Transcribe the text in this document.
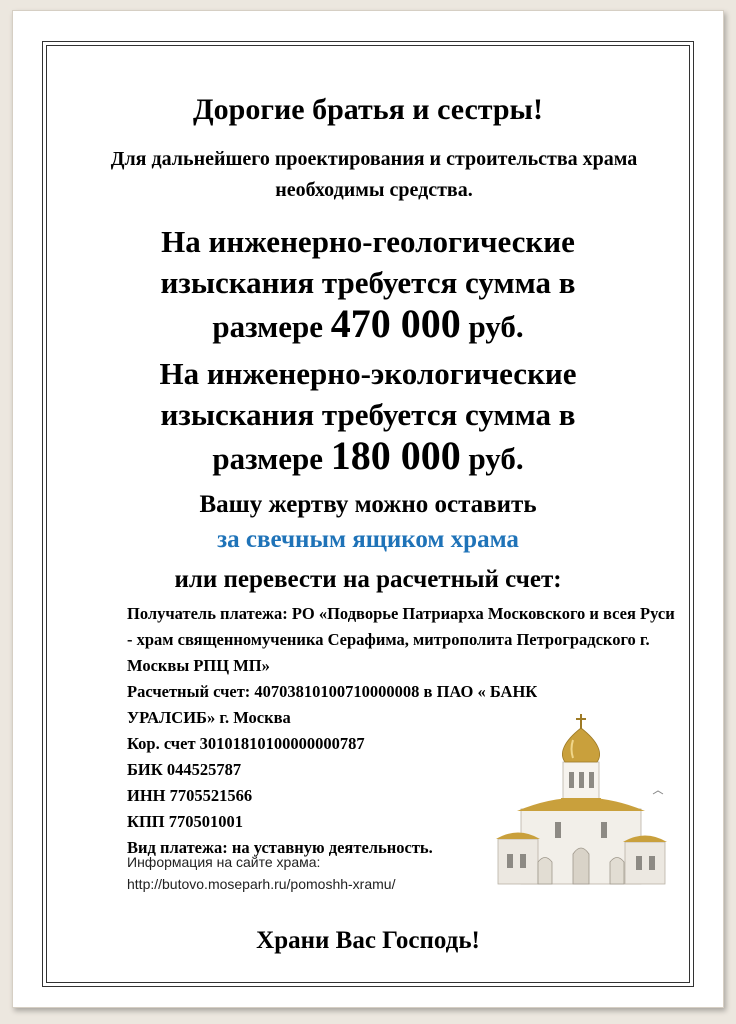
Дорогие братья и сестры!
Для дальнейшего проектирования и строительства храма необходимы средства.
На инженерно-геологические
изыскания требуется сумма в
размере 470 000 руб.
На инженерно-экологические
изыскания требуется сумма в
размере 180 000 руб.
Вашу жертву можно оставить
за свечным ящиком храма
или перевести на расчетный счет:
Получатель платежа: РО «Подворье Патриарха Московского и всея Руси - храм священномученика Серафима, митрополита Петроградского г. Москвы РПЦ МП»
Расчетный счет: 40703810100710000008 в ПАО « БАНК УРАЛСИБ» г. Москва
Кор. счет 30101810100000000787
БИК 044525787
ИНН 7705521566
КПП 770501001
Вид платежа: на уставную деятельность.
Информация на сайте храма:
http://butovo.moseparh.ru/pomoshh-xramu/
Храни Вас Господь!
